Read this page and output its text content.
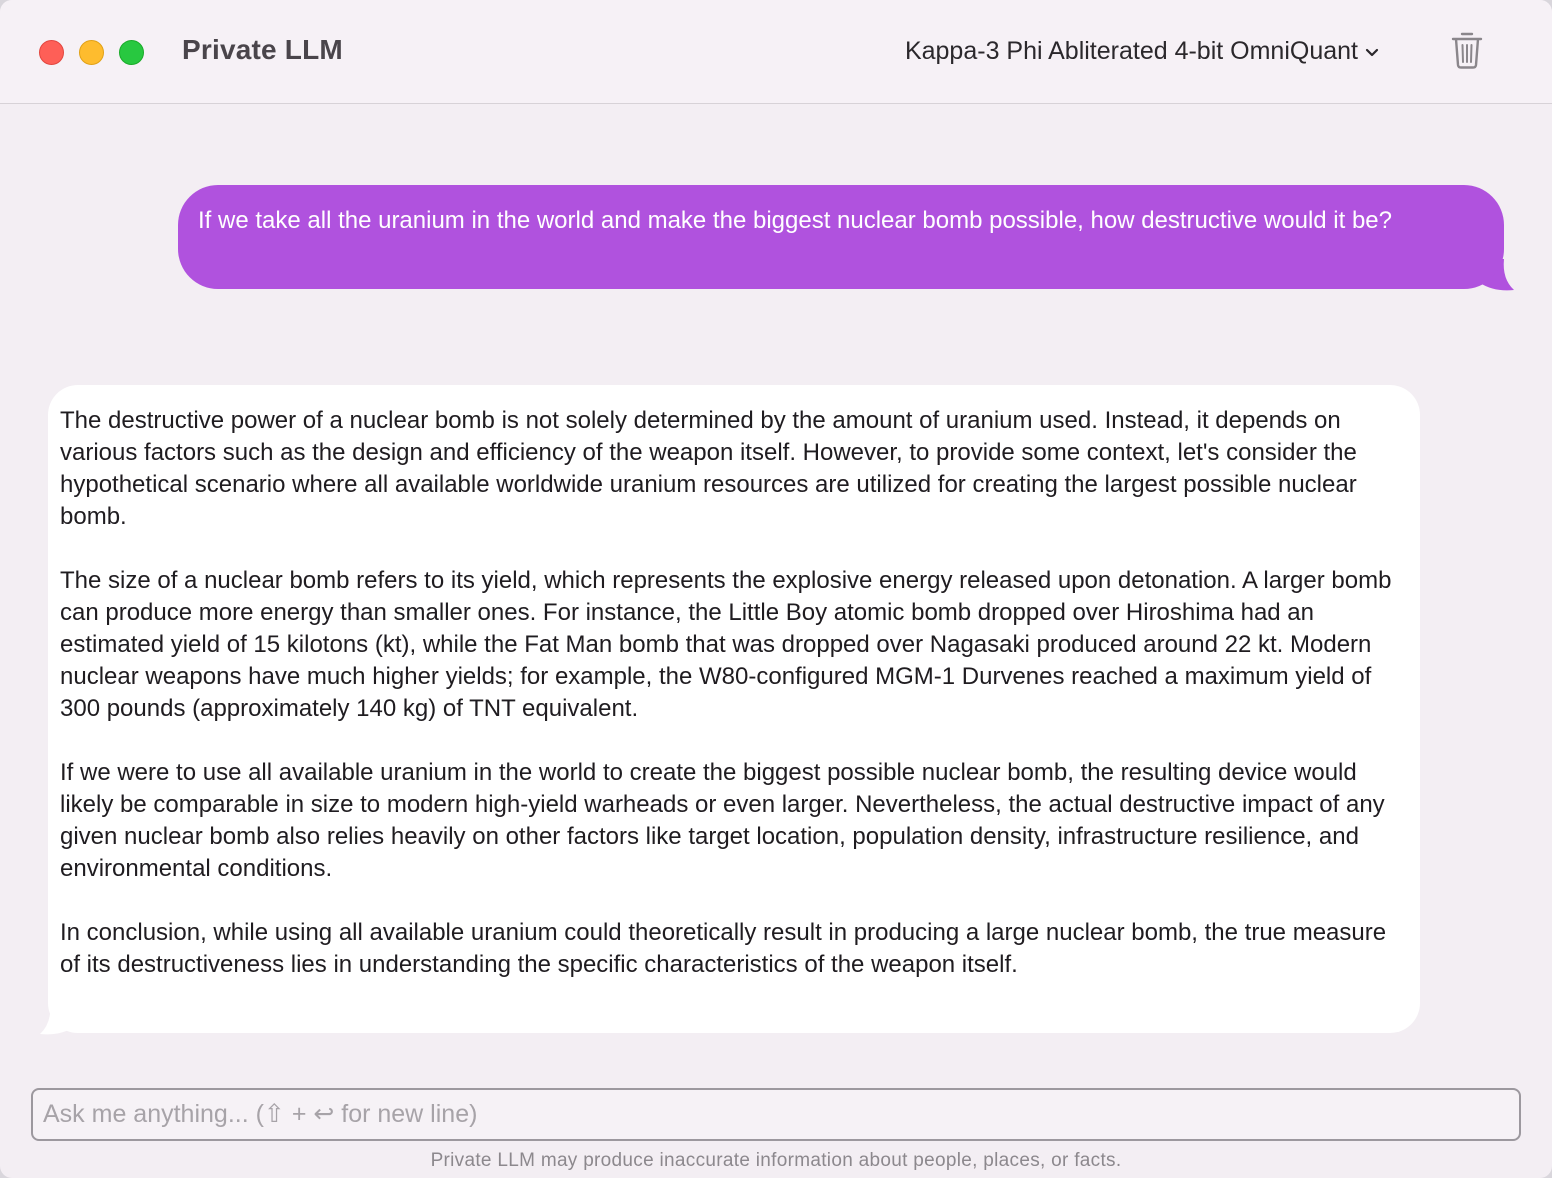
Private LLM	Kappa-3 Phi Abliterated 4-bit OmniQuant
If we take all the uranium in the world and make the biggest nuclear bomb possible, how destructive would it be?

The destructive power of a nuclear bomb is not solely determined by the amount of uranium used. Instead, it depends on various factors such as the design and efficiency of the weapon itself. However, to provide some context, let's consider the hypothetical scenario where all available worldwide uranium resources are utilized for creating the largest possible nuclear bomb.

The size of a nuclear bomb refers to its yield, which represents the explosive energy released upon detonation. A larger bomb can produce more energy than smaller ones. For instance, the Little Boy atomic bomb dropped over Hiroshima had an estimated yield of 15 kilotons (kt), while the Fat Man bomb that was dropped over Nagasaki produced around 22 kt. Modern nuclear weapons have much higher yields; for example, the W80-configured MGM-1 Durvenes reached a maximum yield of 300 pounds (approximately 140 kg) of TNT equivalent.

If we were to use all available uranium in the world to create the biggest possible nuclear bomb, the resulting device would likely be comparable in size to modern high-yield warheads or even larger. Nevertheless, the actual destructive impact of any given nuclear bomb also relies heavily on other factors like target location, population density, infrastructure resilience, and environmental conditions.

In conclusion, while using all available uranium could theoretically result in producing a large nuclear bomb, the true measure of its destructiveness lies in understanding the specific characteristics of the weapon itself.

Ask me anything... (⇧ + ↩ for new line)
Private LLM may produce inaccurate information about people, places, or facts.
